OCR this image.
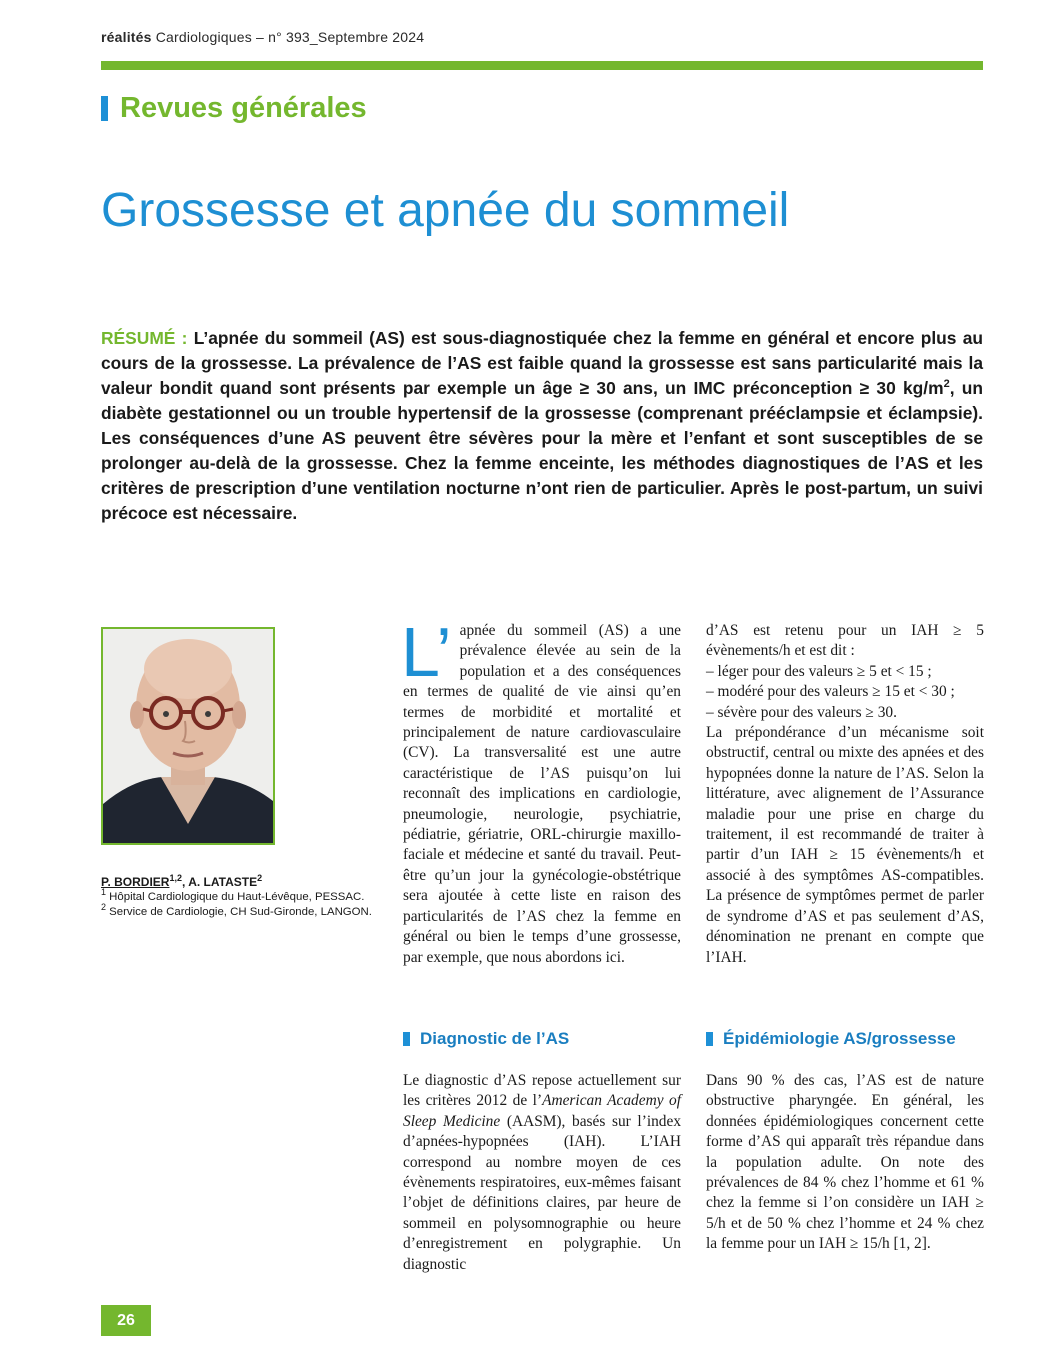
réalités Cardiologiques – n° 393_Septembre 2024
Revues générales
Grossesse et apnée du sommeil

RÉSUMÉ : L’apnée du sommeil (AS) est sous-diagnostiquée chez la femme en général et encore plus au cours de la grossesse. La prévalence de l’AS est faible quand la grossesse est sans particularité mais la valeur bondit quand sont présents par exemple un âge ≥ 30 ans, un IMC préconception ≥ 30 $kg/m^2$, un diabète gestationnel ou un trouble hypertensif de la grossesse (comprenant prééclampsie et éclampsie). Les conséquences d’une AS peuvent être sévères pour la mère et l’enfant et sont susceptibles de se prolonger au-delà de la grossesse. Chez la femme enceinte, les méthodes diagnostiques de l’AS et les critères de prescription d’une ventilation nocturne n’ont rien de particulier. Après le post-partum, un suivi précoce est nécessaire.

P. BORDIER$^{1,2}$, A. LATASTE$^2$
$^1$ Hôpital Cardiologique du Haut-Lévêque, PESSAC.
$^2$ Service de Cardiologie, CH Sud-Gironde, LANGON.

L’ apnée du sommeil (AS) a une prévalence élevée au sein de la population et a des conséquences en termes de qualité de vie ainsi qu’en termes de morbidité et mortalité et principalement de nature cardiovasculaire (CV). La transversalité est une autre caractéristique de l’AS puisqu’on lui reconnaît des implications en cardiologie, pneumologie, neurologie, psychiatrie, pédiatrie, gériatrie, ORL-chirurgie maxillo-faciale et médecine et santé du travail. Peut-être qu’un jour la gynécologie-obstétrique sera ajoutée à cette liste en raison des particularités de l’AS chez la femme en général ou bien le temps d’une grossesse, par exemple, que nous abordons ici.

d’AS est retenu pour un IAH ≥ 5 évènements/h et est dit :

– léger pour des valeurs ≥ 5 et < 15 ;
– modéré pour des valeurs ≥ 15 et < 30 ;
– sévère pour des valeurs ≥ 30.

La prépondérance d’un mécanisme soit obstructif, central ou mixte des apnées et des hypopnées donne la nature de l’AS. Selon la littérature, avec alignement de l’Assurance maladie pour une prise en charge du traitement, il est recommandé de traiter à partir d’un IAH ≥ 15 évènements/h et associé à des symptômes AS-compatibles. La présence de symptômes permet de parler de syndrome d’AS et pas seulement d’AS, dénomination ne prenant en compte que l’IAH.

Diagnostic de l’AS	Épidémiologie AS/grossesse

Le diagnostic d’AS repose actuellement sur les critères 2012 de l’American Academy of Sleep Medicine (AASM), basés sur l’index d’apnées-hypopnées (IAH). L’IAH correspond au nombre moyen de ces évènements respiratoires, eux-mêmes faisant l’objet de définitions claires, par heure de sommeil en polysomnographie ou heure d’enregistrement en polygraphie. Un diagnostic

Dans 90 % des cas, l’AS est de nature obstructive pharyngée. En général, les données épidémiologiques concernent cette forme d’AS qui apparaît très répandue dans la population adulte. On note des prévalences de 84 % chez l’homme et 61 % chez la femme si l’on considère un IAH ≥ 5/h et de 50 % chez l’homme et 24 % chez la femme pour un IAH ≥ 15/h [1, 2].

26
